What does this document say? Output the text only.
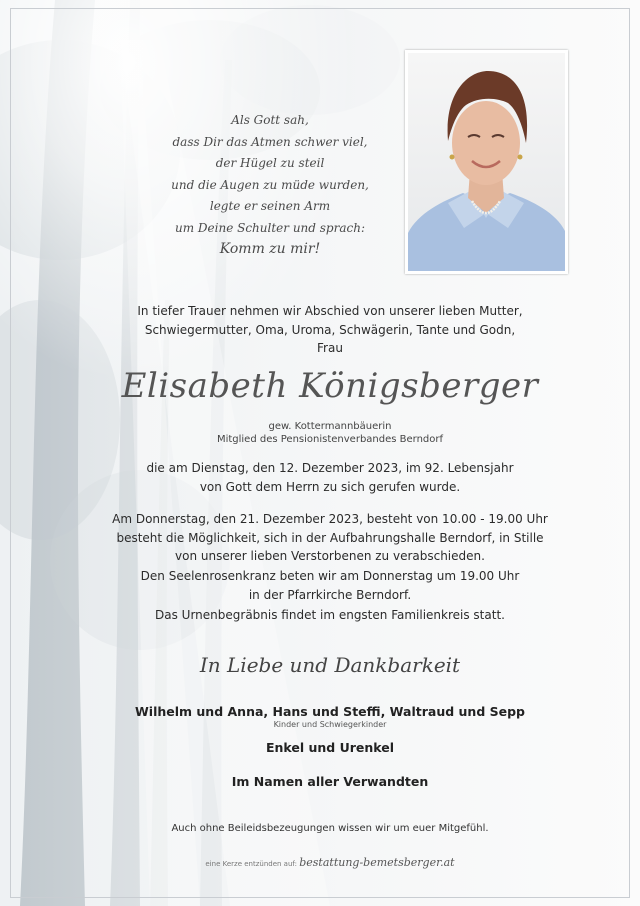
Als Gott sah,
dass Dir das Atmen schwer viel,
der Hügel zu steil
und die Augen zu müde wurden,
legte er seinen Arm
um Deine Schulter und sprach:
Komm zu mir!
In tiefer Trauer nehmen wir Abschied von unserer lieben Mutter,
Schwiegermutter, Oma, Uroma, Schwägerin, Tante und Godn,
Frau
Elisabeth Königsberger
gew. Kottermannbäuerin
Mitglied des Pensionistenverbandes Berndorf
die am Dienstag, den 12. Dezember 2023, im 92. Lebensjahr
von Gott dem Herrn zu sich gerufen wurde.
Am Donnerstag, den 21. Dezember 2023, besteht von 10.00 - 19.00 Uhr
besteht die Möglichkeit, sich in der Aufbahrungshalle Berndorf, in Stille
von unserer lieben Verstorbenen zu verabschieden.
Den Seelenrosenkranz beten wir am Donnerstag um 19.00 Uhr
in der Pfarrkirche Berndorf.
Das Urnenbegräbnis findet im engsten Familienkreis statt.
In Liebe und Dankbarkeit
Wilhelm und Anna, Hans und Steffi, Waltraud und Sepp
Kinder und Schwiegerkinder
Enkel und Urenkel
Im Namen aller Verwandten
Auch ohne Beileidsbezeugungen wissen wir um euer Mitgefühl.
eine Kerze entzünden auf: bestattung-bemetsberger.at
